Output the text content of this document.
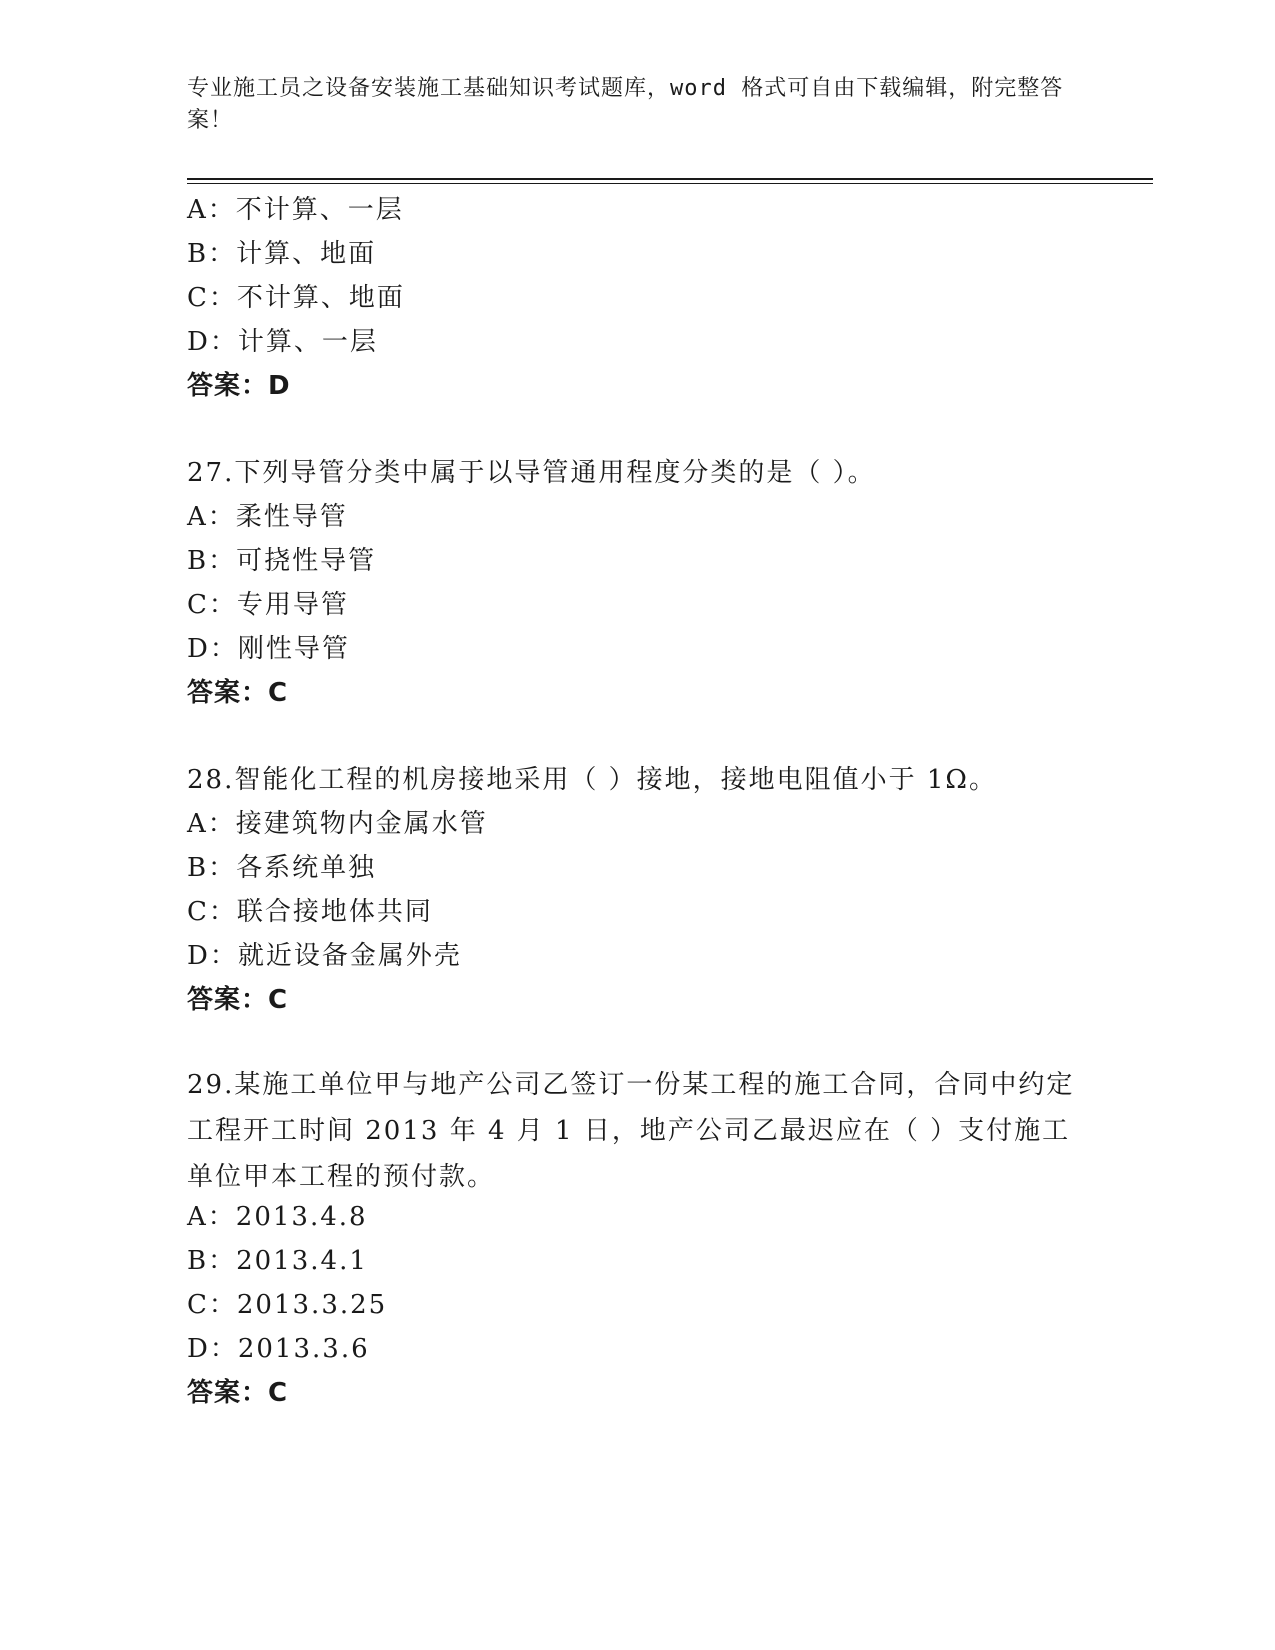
专业施工员之设备安装施工基础知识考试题库，word 格式可自由下载编辑，附完整答案！
A：不计算、一层
B：计算、地面
C：不计算、地面
D：计算、一层
答案：D
27.下列导管分类中属于以导管通用程度分类的是（ ）。
A：柔性导管
B：可挠性导管
C：专用导管
D：刚性导管
答案：C
28.智能化工程的机房接地采用（ ）接地，接地电阻值小于 1Ω。
A：接建筑物内金属水管
B：各系统单独
C：联合接地体共同
D：就近设备金属外壳
答案：C
29.某施工单位甲与地产公司乙签订一份某工程的施工合同，合同中约定工程开工时间 2013 年 4 月 1 日，地产公司乙最迟应在（ ）支付施工单位甲本工程的预付款。
A：2013.4.8
B：2013.4.1
C：2013.3.25
D：2013.3.6
答案：C
